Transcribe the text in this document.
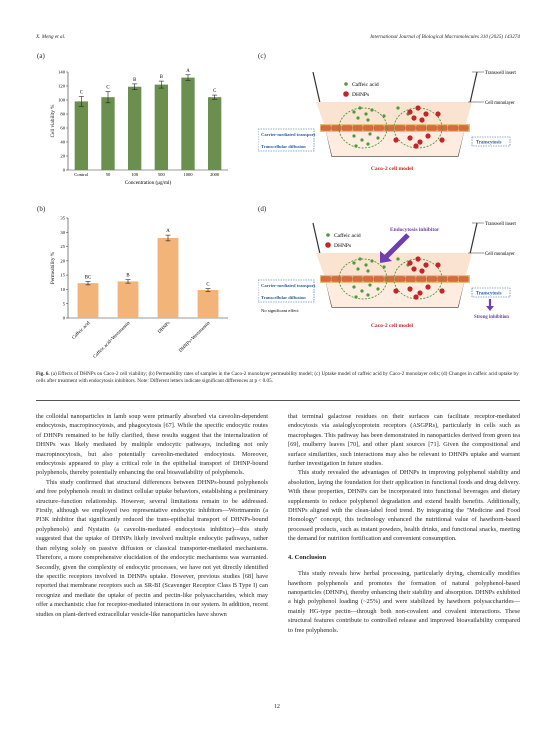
X. Meng et al.	International Journal of Biological Macromolecules 310 (2025) 143274
(a)
(b)
(c)
(d)
0
20
40
60
80
100
120
140
Cell viability %
C
Control
C
50
B
100
B
500
A
1000
C
2000
Concentration (μg/ml)
0
5
10
15
20
25
30
35
Permeability %	BC
Caffeic acid
B
Caffeic acid+Wortmannin
A
DHNPs
C
DHNPs+Wortmannin
Caffeic acid
DHNPs
Transwell insert
Cell monolayer
Carrier-mediated transport
Transcellular diffusion
Transcytosis
Caco-2 cell model
Endocytosis inhibitor
Caffeic acid
DHNPs
Transwell insert
Cell monolayer
Carrier-mediated transport
Transcellular diffusion
No significant effect
Transcytosis
Strong inhibition
Caco-2 cell model
Fig. 6. (a) Effects of DHNPs on Caco-2 cell viability; (b) Permeability rates of samples in the Caco-2 monolayer permeability model; (c) Uptake model of caffeic acid by Caco-2 monolayer cells; (d) Changes in caffeic acid uptake by cells after treatment with endocytosis inhibitors. Note: Different letters indicate significant differences at p < 0.05.

the colloidal nanoparticles in lamb soup were primarily absorbed via caveolin-dependent endocytosis, macropinocytosis, and phagocytosis [67]. While the specific endocytic routes of DHNPs remained to be fully clarified, these results suggest that the internalization of DHNPs was likely mediated by multiple endocytic pathways, including not only macropinocytosis, but also potentially caveolin-mediated endocytosis. Moreover, endocytosis appeared to play a critical role in the epithelial transport of DHNP-bound polyphenols, thereby potentially enhancing the oral bioavailability of polyphenols.

This study confirmed that structural differences between DHNPs-bound polyphenols and free polyphenols result in distinct cellular uptake behaviors, establishing a preliminary structure–function relationship. However, several limitations remain to be addressed. Firstly, although we employed two representative endocytic inhibitors—Wortmannin (a PI3K inhibitor that significantly reduced the trans-epithelial transport of DHNPs-bound polyphenols) and Nystatin (a caveolin-mediated endocytosis inhibitor)—this study suggested that the uptake of DHNPs likely involved multiple endocytic pathways, rather than relying solely on passive diffusion or classical transporter-mediated mechanisms. Therefore, a more comprehensive elucidation of the endocytic mechanisms was warranted. Secondly, given the complexity of endocytic processes, we have not yet directly identified the specific receptors involved in DHNPs uptake. However, previous studies [68] have reported that membrane receptors such as SR-BI (Scavenger Receptor Class B Type I) can recognize and mediate the uptake of pectin and pectin-like polysaccharides, which may offer a mechanistic clue for receptor-mediated interactions in our system. In addition, recent studies on plant-derived extracellular vesicle-like nanoparticles have shown

that terminal galactose residues on their surfaces can facilitate receptor-mediated endocytosis via asialoglycoprotein receptors (ASGPRs), particularly in cells such as macrophages. This pathway has been demonstrated in nanoparticles derived from green tea [69], mulberry leaves [70], and other plant sources [71]. Given the compositional and surface similarities, such interactions may also be relevant to DHNPs uptake and warrant further investigation in future studies.

This study revealed the advantages of DHNPs in improving polyphenol stability and absolution, laying the foundation for their application in functional foods and drug delivery. With these properties, DHNPs can be incorporated into functional beverages and dietary supplements to reduce polyphenol degradation and extend health benefits. Additionally, DHNPs aligned with the clean-label food trend. By integrating the "Medicine and Food Homology" concept, this technology enhanced the nutritional value of hawthorn-based processed products, such as instant powders, health drinks, and functional snacks, meeting the demand for nutrition fortification and convenient consumption.

4. Conclusion

This study reveals how herbal processing, particularly drying, chemically modifies hawthorn polyphenols and promotes the formation of natural polyphenol-based nanoparticles (DHNPs), thereby enhancing their stability and absorption. DHNPs exhibited a high polyphenol loading (~25%) and were stabilized by hawthorn polysaccharides—mainly HG-type pectin—through both non-covalent and covalent interactions. These structural features contribute to controlled release and improved bioavailability compared to free polyphenols.

12
